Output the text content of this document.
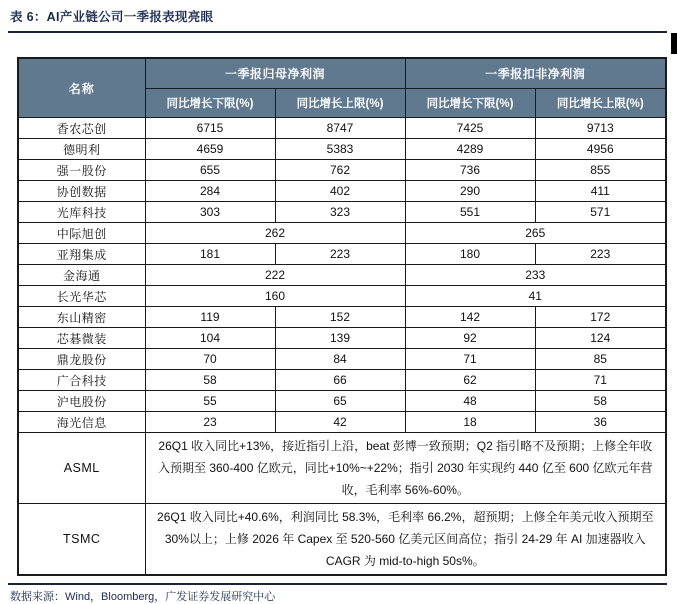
表 6：AI产业链公司一季报表现亮眼
名称	一季报归母净利润		一季报扣非净利润	
	同比增长下限(%)	同比增长上限(%)	同比增长下限(%)	同比增长上限(%)
香农芯创	6715	8747	7425	9713
德明利	4659	5383	4289	4956
强一股份	655	762	736	855
协创数据	284	402	290	411
光库科技	303	323	551	571
中际旭创	262		265	
亚翔集成	181	223	180	223
金海通	222		233	
长光华芯	160		41	
东山精密	119	152	142	172
芯碁微装	104	139	92	124
鼎龙股份	70	84	71	85
广合科技	58	66	62	71
沪电股份	55	65	48	58
海光信息	23	42	18	36
ASML	26Q1 收入同比+13%，接近指引上沿，beat 彭博一致预期；Q2 指引略不及预期；上修全年收入预期至 360-400 亿欧元，同比+10%~+22%；指引 2030 年实现约 440 亿至 600 亿欧元年营收，毛利率 56%-60%。			
TSMC	26Q1 收入同比+40.6%，利润同比 58.3%，毛利率 66.2%，超预期；上修全年美元收入预期至 30%以上；上修 2026 年 Capex 至 520-560 亿美元区间高位；指引 24-29 年 AI 加速器收入 CAGR 为 mid-to-high 50s%。			
数据来源：Wind，Bloomberg，广发证券发展研究中心
